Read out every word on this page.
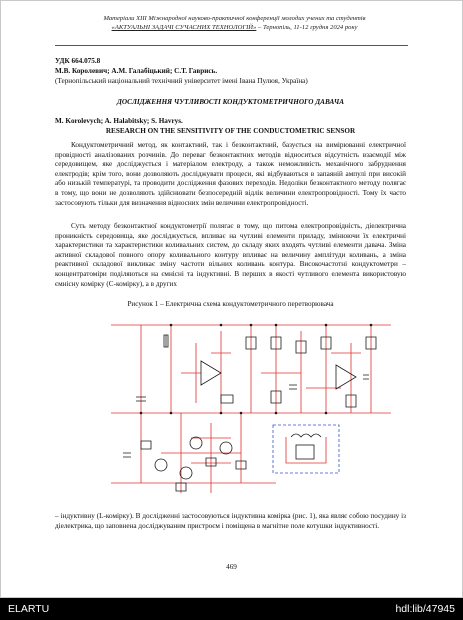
Матеріали XIII Міжнародної науково-практичної конференції молодих учених та студентів
«АКТУАЛЬНІ ЗАДАЧІ СУЧАСНИХ ТЕХНОЛОГІЙ» – Тернопіль, 11-12 грудня 2024 року
УДК 664.075.8
М.В. Королевич; А.М. Галабіцький; С.Т. Гаврись.
(Тернопільський національний технічний університет імені Івана Пулюя, Україна)
ДОСЛІДЖЕННЯ ЧУТЛИВОСТІ КОНДУКТОМЕТРИЧНОГО ДАВАЧА
M. Korolevych; A. Halabitsky; S. Havrys.
RESEARCH ON THE SENSITIVITY OF THE CONDUCTOMETRIC SENSOR
Кондуктометричний метод, як контактний, так і безконтактний, базується на вимірюванні електричної провідності аналізованих розчинів. До переваг безконтактних методів відноситься відсутність взаємодії між середовищем, яке досліджується і матеріалом електроду, а також неможливість механічного забруднення електродів; крім того, вони дозволяють досліджувати процеси, які відбуваються в запаяній ампулі при високій або низькій температурі, та проводити дослідження фазових переходів. Недоліки безконтактного методу полягає в тому, що вони не дозволяють здійснювати безпосередній відлік величини електропровідності. Тому їх часто застосовують тільки для визначення відносних змін величини електропровідності.
Суть методу безконтактної кондуктометрії полягає в тому, що питома електропровідність, діелектрична проникність середовища, яке досліджується, впливає на чутливі елементи приладу, змінюючи їх електричні характеристики та характеристики коливальних систем, до складу яких входять чутливі елементи давача. Зміна активної складової повного опору коливального контуру впливає на величину амплітуди коливань, а зміна реактивної складової викликає зміну частоти вільних коливань контура. Високочастотні кондуктометри – концентратоміри поділяються на ємнісні та індуктивні. В перших в якості чутливого елемента використовую ємнісну комірку (С-комірку), а в других
Рисунок 1 – Електрична схема кондуктометричного перетворювача
– індуктивну (L-комірку). В дослідженні застосовуються індуктивна комірка (рис. 1), яка являє собою посудину із діелектрика, що заповнена досліджуваним пристроєм і поміщена в магнітне поле котушки індуктивності.
469
ELARTU	hdl:lib/47945
